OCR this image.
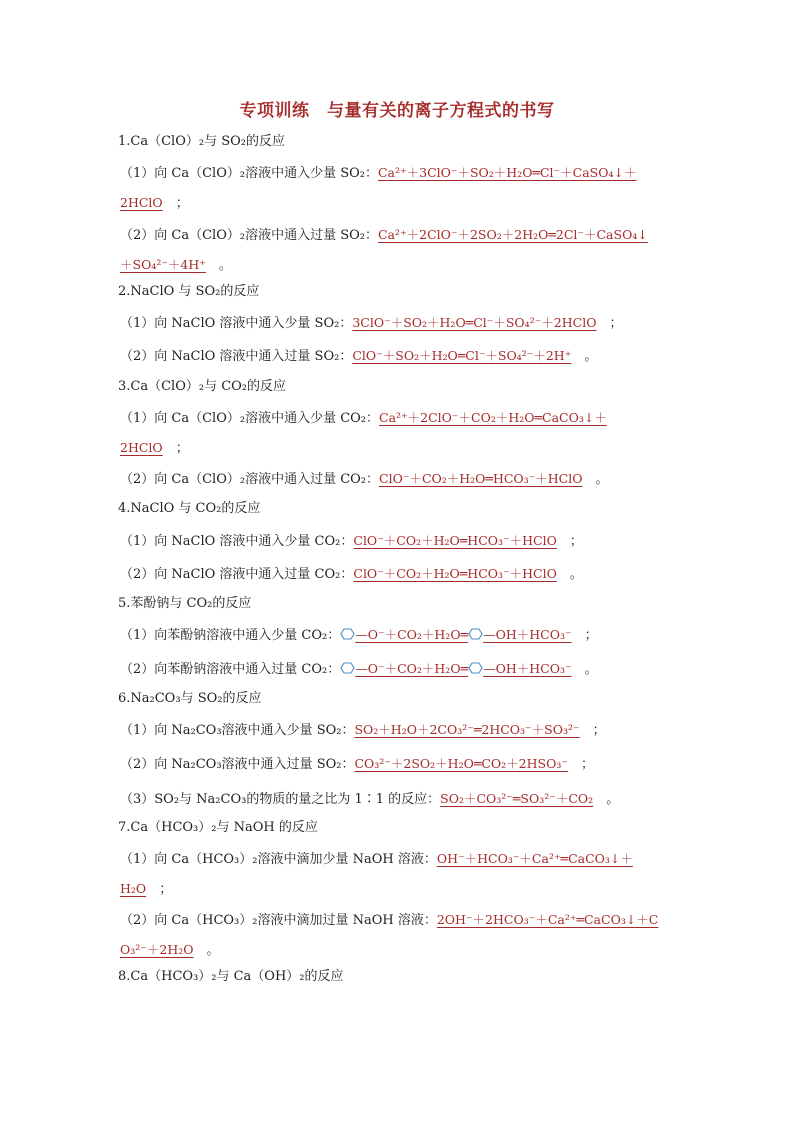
专项训练　与量有关的离子方程式的书写
1.Ca（ClO）₂与 SO₂的反应
（1）向 Ca（ClO）₂溶液中通入少量 SO₂：Ca²⁺＋3ClO⁻＋SO₂＋H₂O═Cl⁻＋CaSO₄↓＋
2HClO　 ；
（2）向 Ca（ClO）₂溶液中通入过量 SO₂：Ca²⁺＋2ClO⁻＋2SO₂＋2H₂O═2Cl⁻＋CaSO₄↓
＋SO₄²⁻＋4H⁺　 。
2.NaClO 与 SO₂的反应
（1）向 NaClO 溶液中通入少量 SO₂：3ClO⁻＋SO₂＋H₂O═Cl⁻＋SO₄²⁻＋2HClO　 ；
（2）向 NaClO 溶液中通入过量 SO₂：ClO⁻＋SO₂＋H₂O═Cl⁻＋SO₄²⁻＋2H⁺　 。
3.Ca（ClO）₂与 CO₂的反应
（1）向 Ca（ClO）₂溶液中通入少量 CO₂：Ca²⁺＋2ClO⁻＋CO₂＋H₂O═CaCO₃↓＋
2HClO　 ；
（2）向 Ca（ClO）₂溶液中通入过量 CO₂：ClO⁻＋CO₂＋H₂O═HCO₃⁻＋HClO　 。
4.NaClO 与 CO₂的反应
（1）向 NaClO 溶液中通入少量 CO₂：ClO⁻＋CO₂＋H₂O═HCO₃⁻＋HClO　 ；
（2）向 NaClO 溶液中通入过量 CO₂：ClO⁻＋CO₂＋H₂O═HCO₃⁻＋HClO　 。
5.苯酚钠与 CO₂的反应
（1）向苯酚钠溶液中通入少量 CO₂： —O⁻＋CO₂＋H₂O═ —OH＋HCO₃⁻　 ；
（2）向苯酚钠溶液中通入过量 CO₂： —O⁻＋CO₂＋H₂O═ —OH＋HCO₃⁻　 。
6.Na₂CO₃与 SO₂的反应
（1）向 Na₂CO₃溶液中通入少量 SO₂：SO₂＋H₂O＋2CO₃²⁻═2HCO₃⁻＋SO₃²⁻　 ；
（2）向 Na₂CO₃溶液中通入过量 SO₂：CO₃²⁻＋2SO₂＋H₂O═CO₂＋2HSO₃⁻　 ；
（3）SO₂与 Na₂CO₃的物质的量之比为 1∶1 的反应：SO₂＋CO₃²⁻═SO₃²⁻＋CO₂　 。
7.Ca（HCO₃）₂与 NaOH 的反应
（1）向 Ca（HCO₃）₂溶液中滴加少量 NaOH 溶液：OH⁻＋HCO₃⁻＋Ca²⁺═CaCO₃↓＋
H₂O　 ；
（2）向 Ca（HCO₃）₂溶液中滴加过量 NaOH 溶液：2OH⁻＋2HCO₃⁻＋Ca²⁺═CaCO₃↓＋C
O₃²⁻＋2H₂O　 。
8.Ca（HCO₃）₂与 Ca（OH）₂的反应
